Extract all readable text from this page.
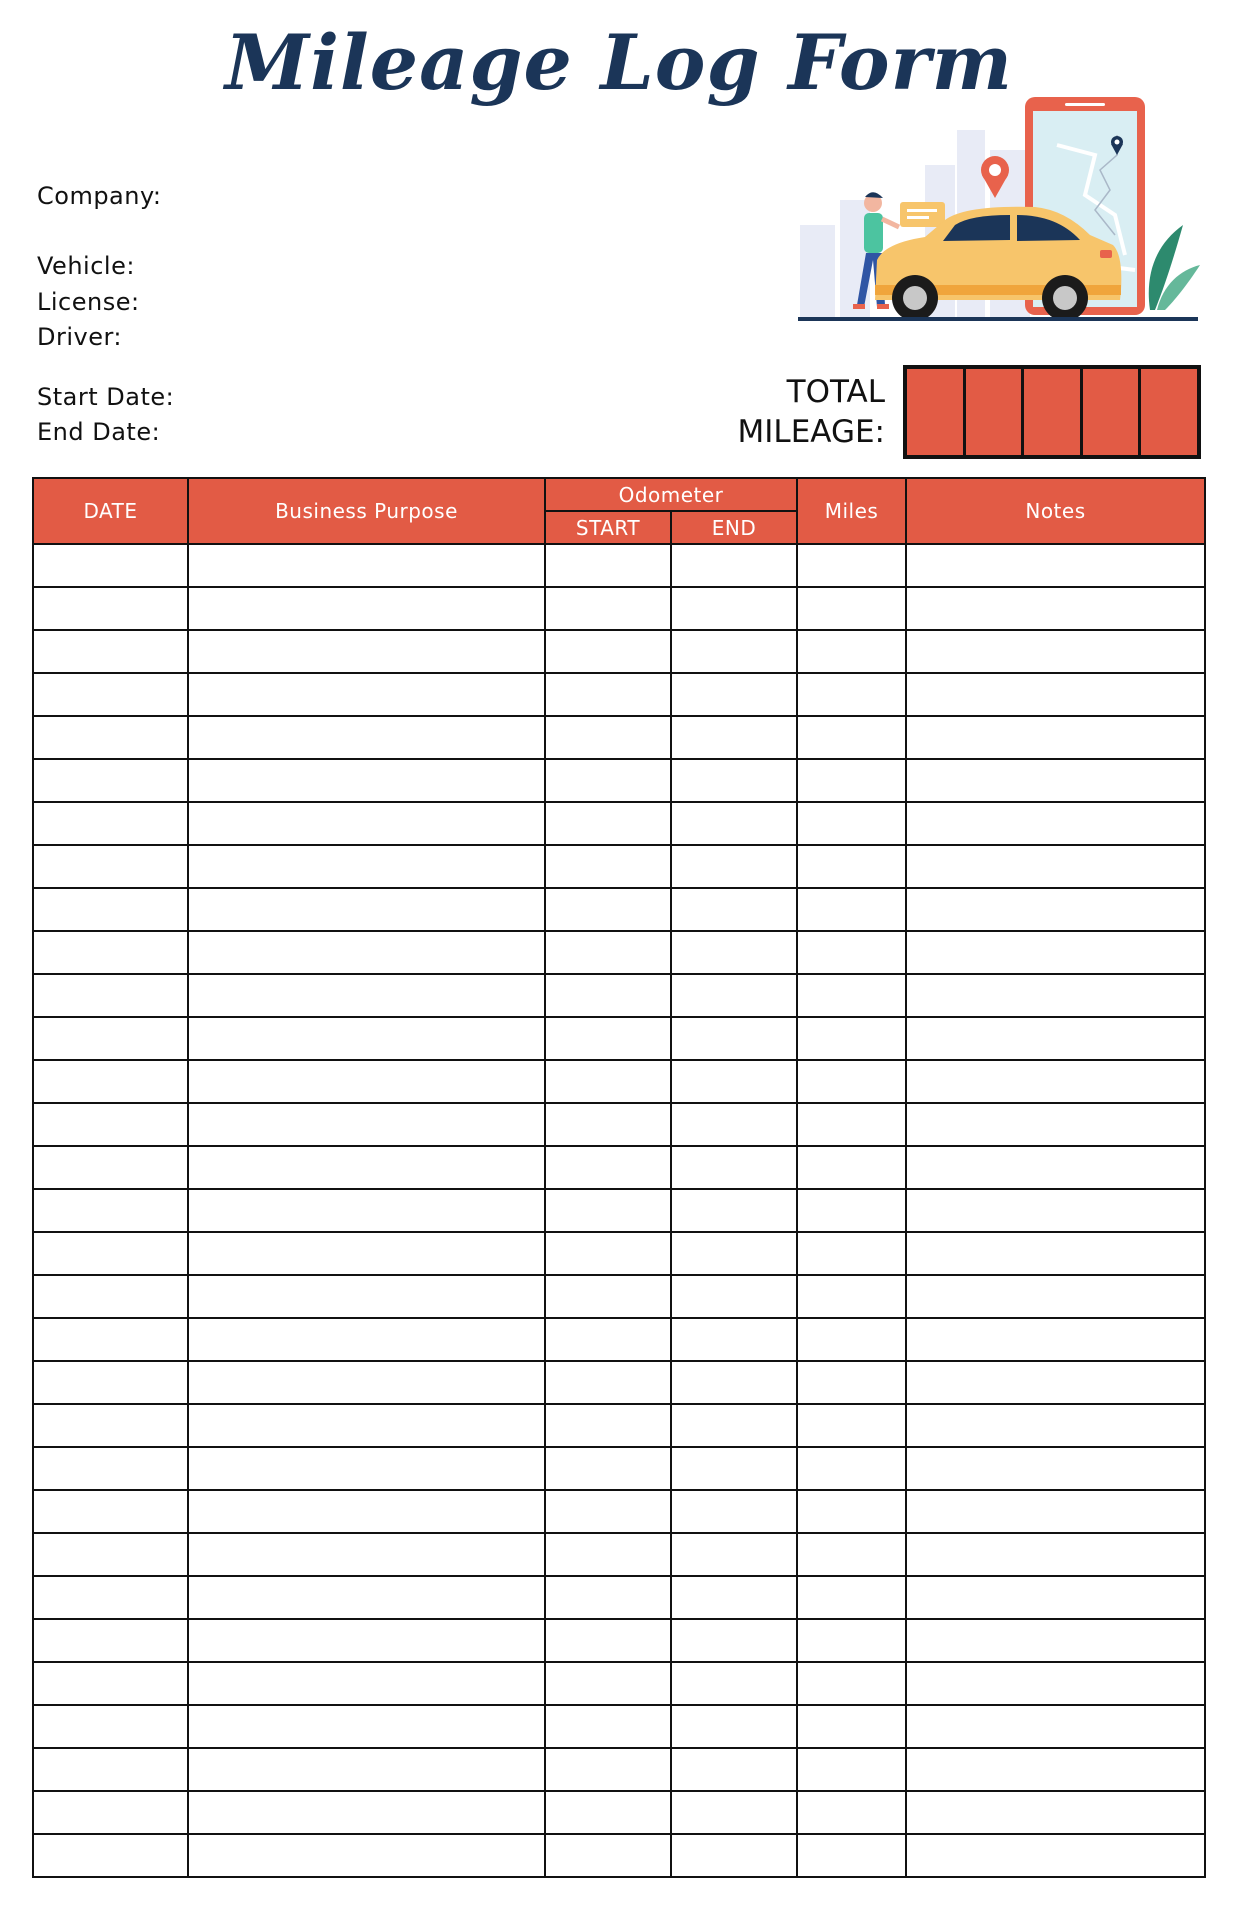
Mileage Log Form
Company:
Vehicle:
License:
Driver:
Start Date:
End Date:
TOTAL
MILEAGE:
DATE	Business Purpose	Odometer		Miles	Notes
		START	END		
